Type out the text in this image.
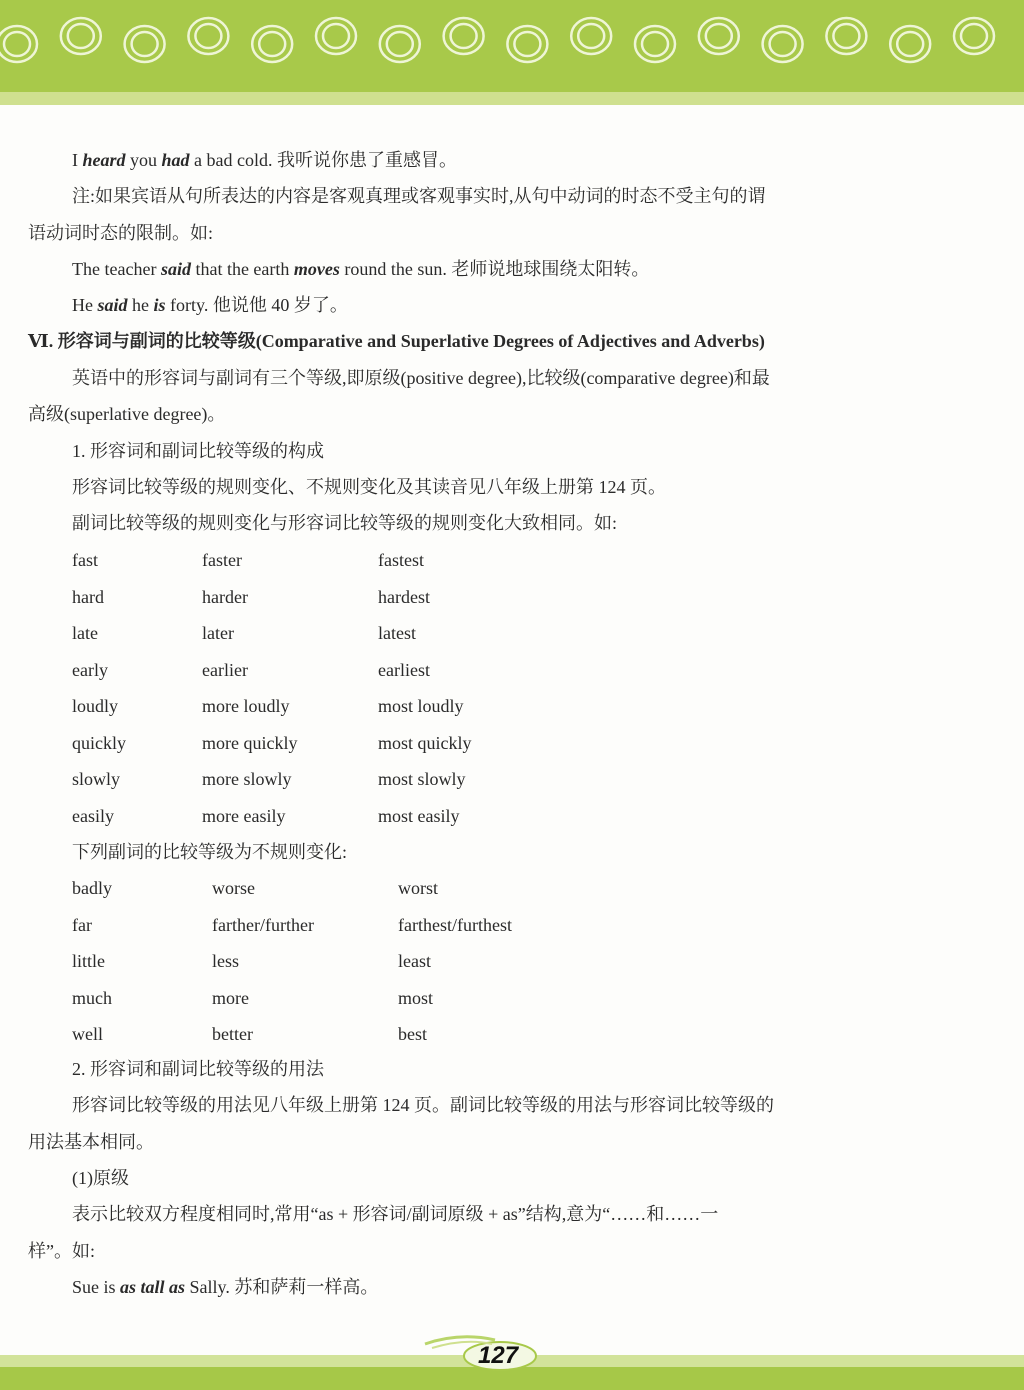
I heard you had a bad cold. 我听说你患了重感冒。
注:如果宾语从句所表达的内容是客观真理或客观事实时,从句中动词的时态不受主句的谓
语动词时态的限制。如:
The teacher said that the earth moves round the sun. 老师说地球围绕太阳转。
He said he is forty. 他说他 40 岁了。
Ⅵ. 形容词与副词的比较等级(Comparative and Superlative Degrees of Adjectives and Adverbs)
英语中的形容词与副词有三个等级,即原级(positive degree),比较级(comparative degree)和最
高级(superlative degree)。
1. 形容词和副词比较等级的构成
形容词比较等级的规则变化、不规则变化及其读音见八年级上册第 124 页。
副词比较等级的规则变化与形容词比较等级的规则变化大致相同。如:
fast	faster	fastest
hard	harder	hardest
late	later	latest
early	earlier	earliest
loudly	more loudly	most loudly
quickly	more quickly	most quickly
slowly	more slowly	most slowly
easily	more easily	most easily
下列副词的比较等级为不规则变化:
badly	worse	worst
far	farther/further	farthest/furthest
little	less	least
much	more	most
well	better	best
2. 形容词和副词比较等级的用法
形容词比较等级的用法见八年级上册第 124 页。副词比较等级的用法与形容词比较等级的
用法基本相同。
(1)原级
表示比较双方程度相同时,常用“as + 形容词/副词原级 + as”结构,意为“……和……一
样”。如:
Sue is as tall as Sally. 苏和萨莉一样高。
127
